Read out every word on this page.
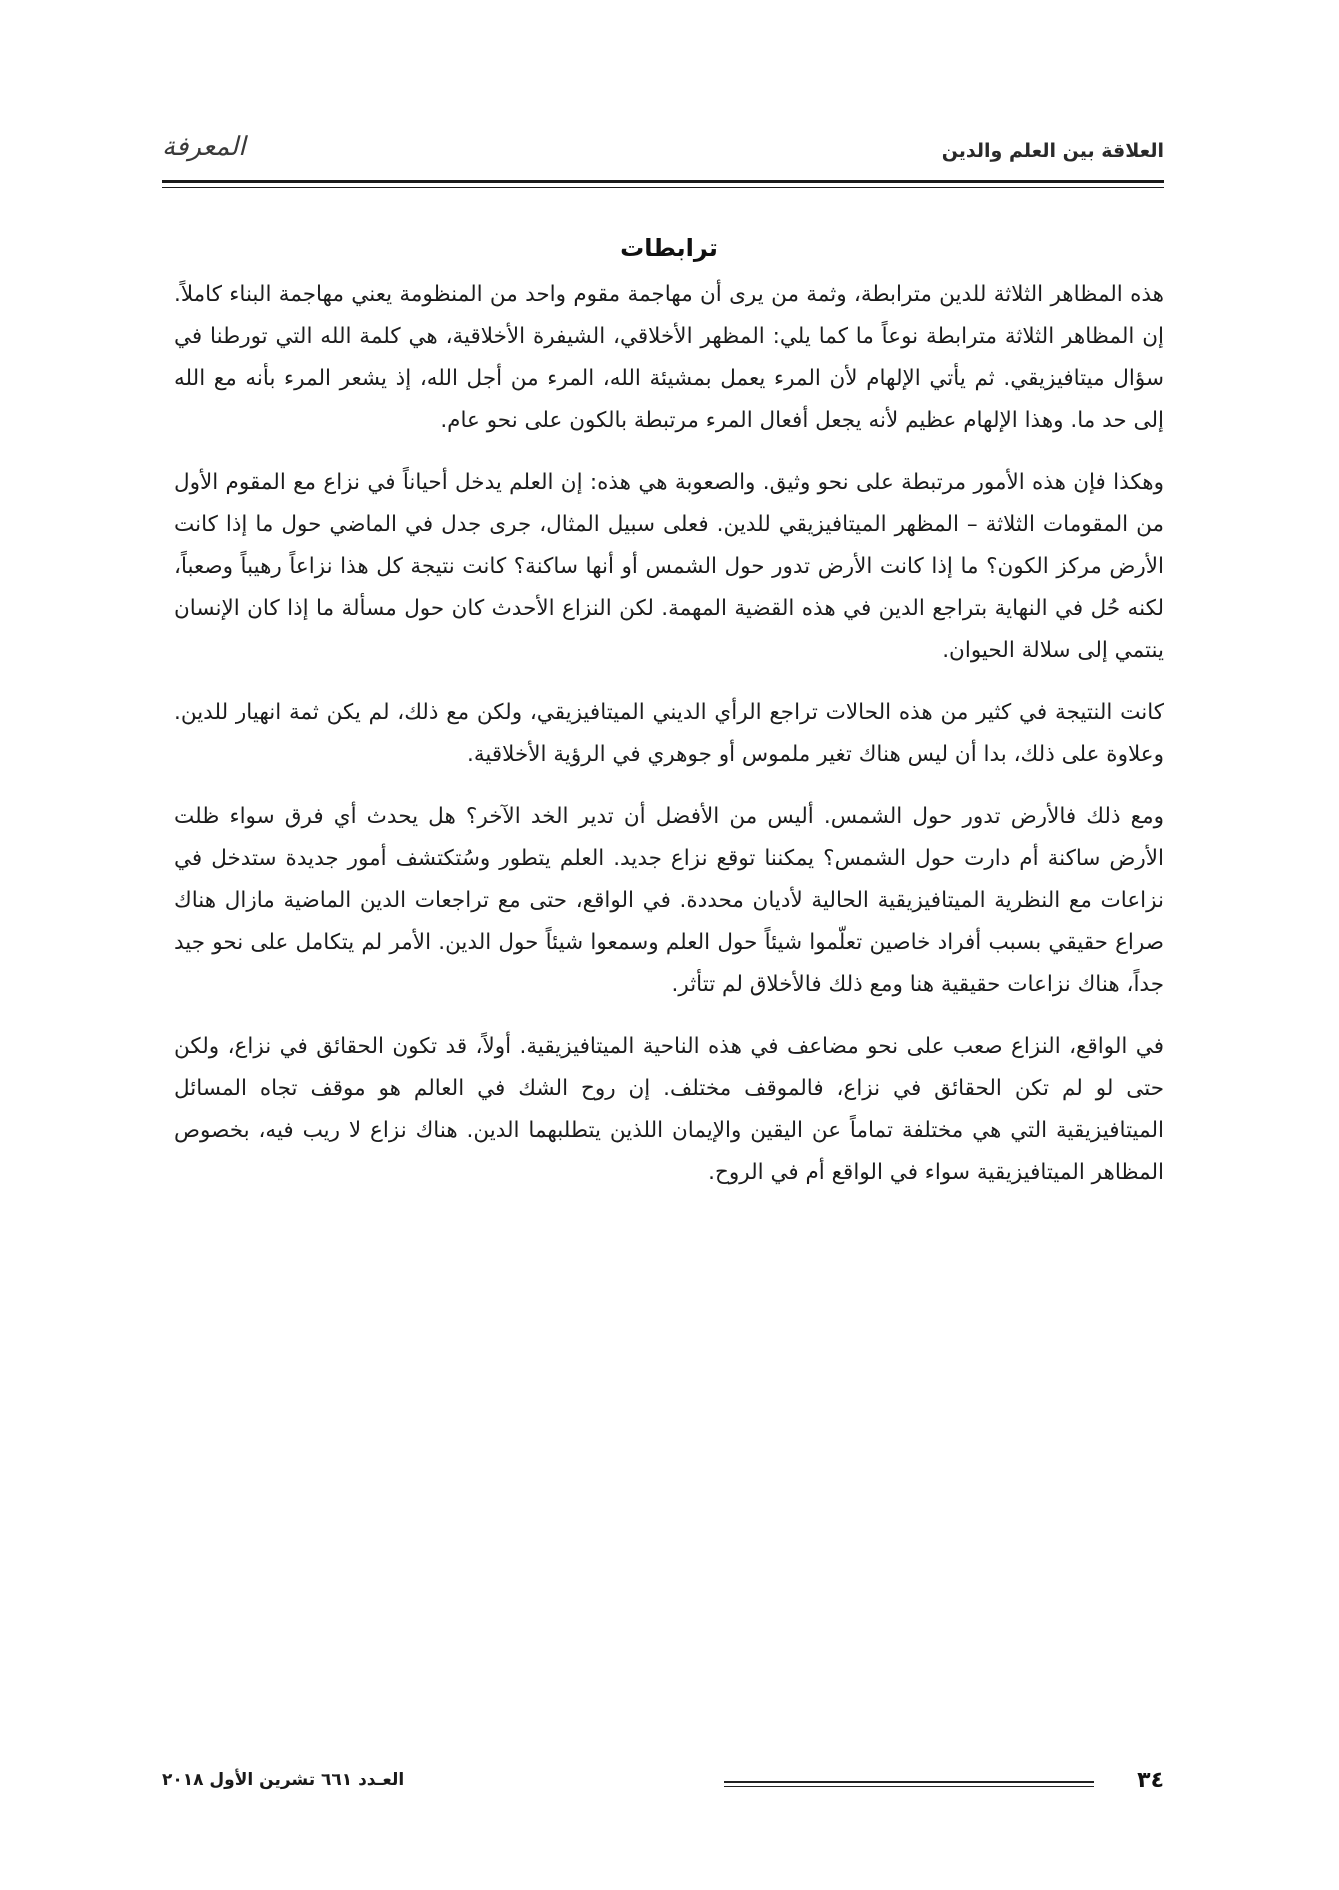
العلاقة بين العلم والدين
المعرفة
ترابطات

هذه المظاهر الثلاثة للدين مترابطة، وثمة من يرى أن مهاجمة مقوم واحد من المنظومة يعني مهاجمة البناء كاملاً. إن المظاهر الثلاثة مترابطة نوعاً ما كما يلي: المظهر الأخلاقي، الشيفرة الأخلاقية، هي كلمة الله التي تورطنا في سؤال ميتافيزيقي. ثم يأتي الإلهام لأن المرء يعمل بمشيئة الله، المرء من أجل الله، إذ يشعر المرء بأنه مع الله إلى حد ما. وهذا الإلهام عظيم لأنه يجعل أفعال المرء مرتبطة بالكون على نحو عام.

وهكذا فإن هذه الأمور مرتبطة على نحو وثيق. والصعوبة هي هذه: إن العلم يدخل أحياناً في نزاع مع المقوم الأول من المقومات الثلاثة – المظهر الميتافيزيقي للدين. فعلى سبيل المثال، جرى جدل في الماضي حول ما إذا كانت الأرض مركز الكون؟ ما إذا كانت الأرض تدور حول الشمس أو أنها ساكنة؟ كانت نتيجة كل هذا نزاعاً رهيباً وصعباً، لكنه حُل في النهاية بتراجع الدين في هذه القضية المهمة. لكن النزاع الأحدث كان حول مسألة ما إذا كان الإنسان ينتمي إلى سلالة الحيوان.

كانت النتيجة في كثير من هذه الحالات تراجع الرأي الديني الميتافيزيقي، ولكن مع ذلك، لم يكن ثمة انهيار للدين. وعلاوة على ذلك، بدا أن ليس هناك تغير ملموس أو جوهري في الرؤية الأخلاقية.

ومع ذلك فالأرض تدور حول الشمس. أليس من الأفضل أن تدير الخد الآخر؟ هل يحدث أي فرق سواء ظلت الأرض ساكنة أم دارت حول الشمس؟ يمكننا توقع نزاع جديد. العلم يتطور وسُتكتشف أمور جديدة ستدخل في نزاعات مع النظرية الميتافيزيقية الحالية لأديان محددة. في الواقع، حتى مع تراجعات الدين الماضية مازال هناك صراع حقيقي بسبب أفراد خاصين تعلّموا شيئاً حول العلم وسمعوا شيئاً حول الدين. الأمر لم يتكامل على نحو جيد جداً، هناك نزاعات حقيقية هنا ومع ذلك فالأخلاق لم تتأثر.

في الواقع، النزاع صعب على نحو مضاعف في هذه الناحية الميتافيزيقية. أولاً، قد تكون الحقائق في نزاع، ولكن حتى لو لم تكن الحقائق في نزاع، فالموقف مختلف. إن روح الشك في العالم هو موقف تجاه المسائل الميتافيزيقية التي هي مختلفة تماماً عن اليقين والإيمان اللذين يتطلبهما الدين. هناك نزاع لا ريب فيه، بخصوص المظاهر الميتافيزيقية سواء في الواقع أم في الروح.

٣٤
العـدد ٦٦١ تشرين الأول ٢٠١٨
